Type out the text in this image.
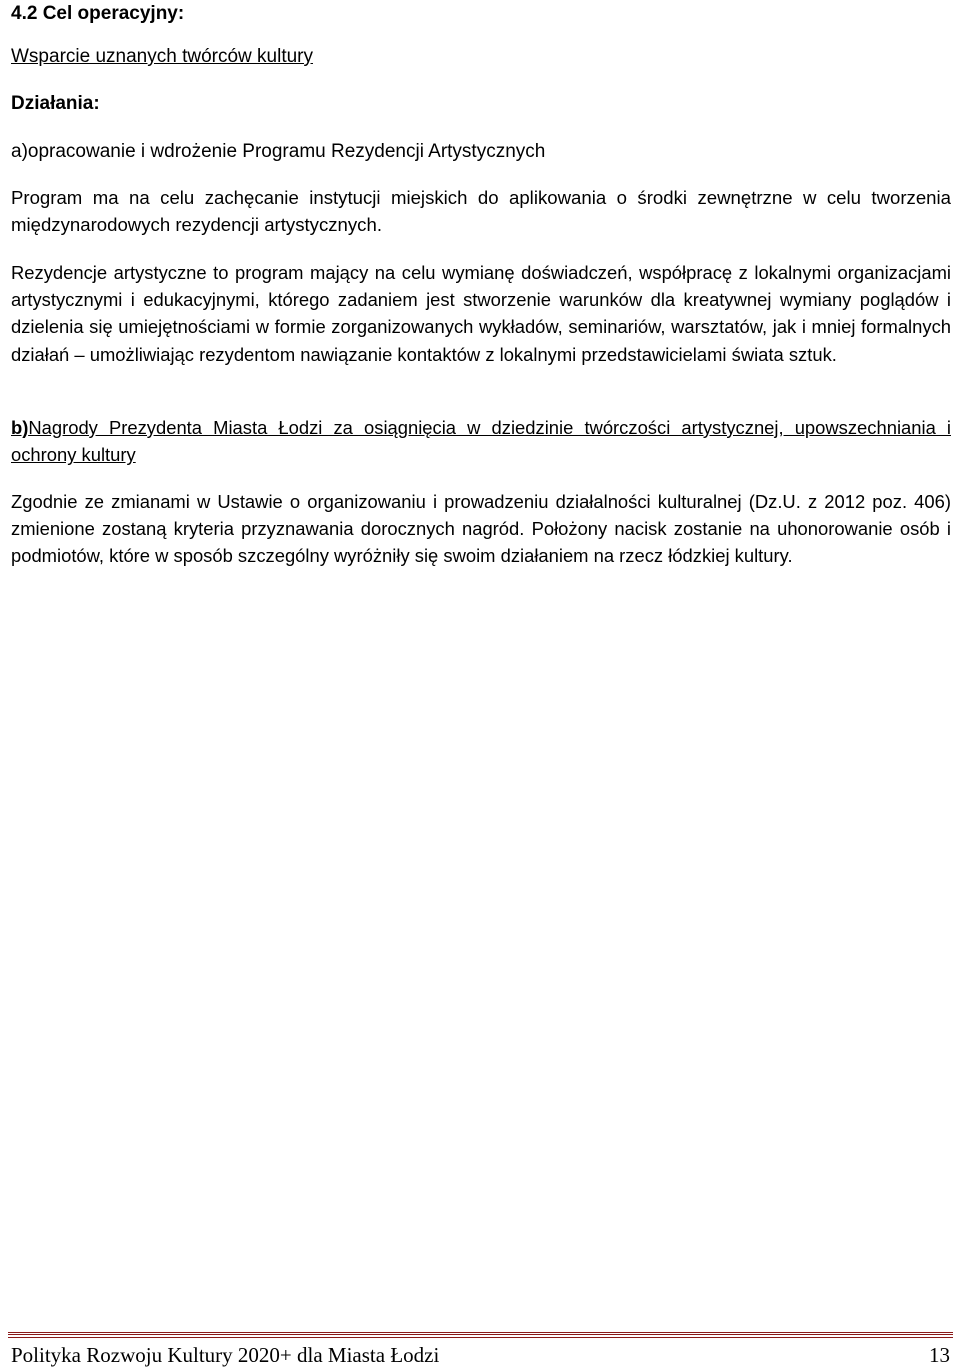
4.2 Cel operacyjny:

Wsparcie uznanych twórców kultury

Działania:

a)opracowanie i wdrożenie Programu Rezydencji Artystycznych

Program ma na celu zachęcanie instytucji miejskich do aplikowania o środki zewnętrzne w celu tworzenia międzynarodowych rezydencji artystycznych.

Rezydencje artystyczne to program mający na celu wymianę doświadczeń, współpracę z lokalnymi organizacjami artystycznymi i edukacyjnymi, którego zadaniem jest stworzenie warunków dla kreatywnej wymiany poglądów i dzielenia się umiejętnościami w formie zorganizowanych wykładów, seminariów, warsztatów, jak i mniej formalnych działań – umożliwiając rezydentom nawiązanie kontaktów z lokalnymi przedstawicielami świata sztuk.

b)Nagrody Prezydenta Miasta Łodzi za osiągnięcia w dziedzinie twórczości artystycznej, upowszechniania i ochrony kultury

Zgodnie ze zmianami w Ustawie o organizowaniu i prowadzeniu działalności kulturalnej (Dz.U. z 2012 poz. 406) zmienione zostaną kryteria przyznawania dorocznych nagród. Położony nacisk zostanie na uhonorowanie osób i podmiotów, które w sposób szczególny wyróżniły się swoim działaniem na rzecz łódzkiej kultury.

Polityka Rozwoju Kultury 2020+ dla Miasta Łodzi	13
